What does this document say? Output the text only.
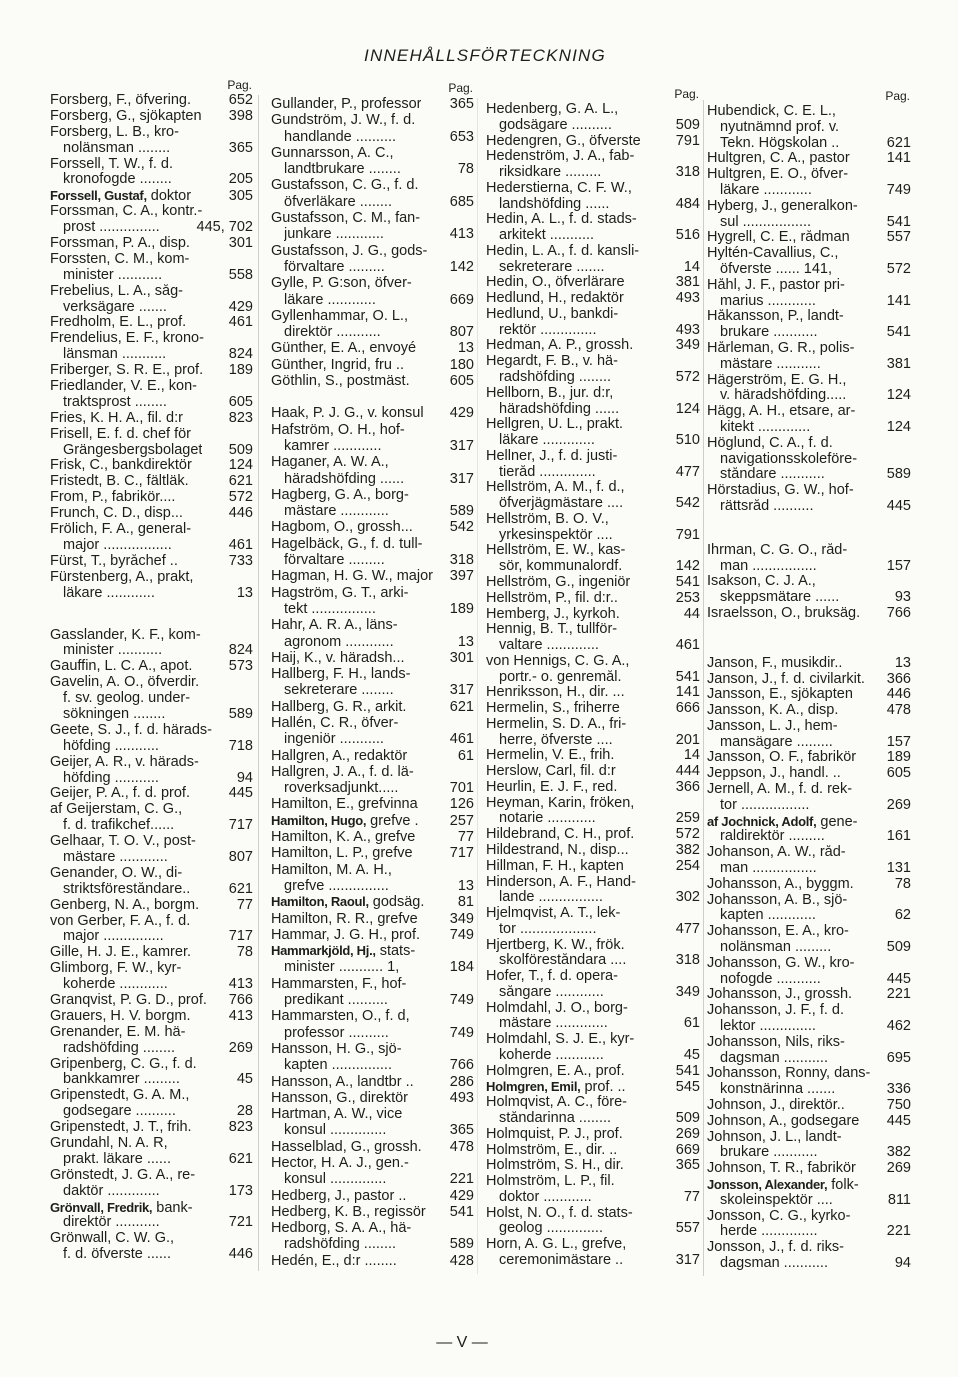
INNEHÅLLSFÖRTECKNING
Pag.
Forsberg, F., öfvering.	652
Forsberg, G., sjökapten 398
Forsberg, L. B., kro-
nolänsman ........	365
Forssell, T. W., f. d.
kronofogde ........	205
Forssell, Gustaf, doktor	305
Forssman, C. A., kontr.-
prost ...............	445, 702
Forssman, P. A., disp.	301
Forssten, C. M., kom-
minister ...........	558
Frebelius, L. A., såg-
verksägare .......	429
Fredholm, E. L., prof.	461
Frendelius, E. F., krono-
länsman ...........	824
Friberger, S. R. E., prof. 189
Friedlander, V. E., kon-
traktsprost ........	605
Fries, K. H. A., fil. d:r	823
Frisell, E. f. d. chef för
Grängesbergsbolaget 509
Frisk, C., bankdirektör	124
Fristedt, B. C., fältläk.	621
From, P., fabrikör....	572
Frunch, C. D., disp...	446
Frölich, F. A., general-
major .................	461
Fürst, T., byråchef ..	733
Fürstenberg, A., prakt,
läkare ............	13
Gasslander, K. F., kom-
minister ...........	824
Gauffin, L. C. A., apot.	573
Gavelin, A. O., öfverdir.
f. sv. geolog. under-
sökningen ........	589
Geete, S. J., f. d. härads-
höfding ...........	718
Geijer, A. R., v. härads-
höfding ...........	94
Geijer, P. A., f. d. prof.	445
af Geijerstam, C. G.,
f. d. trafikchef......	717
Gelhaar, T. O. V., post-
mästare ............	807
Genander, O. W., di-
striktsföreståndare..	621
Genberg, N. A., borgm.	77
von Gerber, F. A., f. d.
major ...............	717
Gille, H. J. E., kamrer.	78
Glimborg, F. W., kyr-
koherde ............	413
Granqvist, P. G. D., prof. 766
Grauers, H. V. borgm.	413
Grenander, E. M. hä-
radshöfding ........	269
Gripenberg, C. G., f. d.
bankkamrer .........	45
Gripenstedt, G. A. M.,
godsegare ..........	28
Gripenstedt, J. T., frih.	823
Grundahl, N. A. R,
prakt. läkare ......	621
Grönstedt, J. G. A., re-
daktör .............	173
Grönvall, Fredrik, bank-
direktör ...........	721
Grönwall, C. W. G.,
f. d. öfverste ......	446
Pag.
Gullander, P., professor 365
Gundström, J. W., f. d.
handlande ..........	653
Gunnarsson, A. C.,
landtbrukare ........	78
Gustafsson, C. G., f. d.
öfverläkare ........	685
Gustafsson, C. M., fan-
junkare ............	413
Gustafsson, J. G., gods-
förvaltare .........	142
Gylle, P. G:son, öfver-
läkare ............	669
Gyllenhammar, O. L.,
direktör ...........	807
Günther, E. A., envoyé	13
Günther, Ingrid, fru ..	180
Göthlin, S., postmäst.	605
Haak, P. J. G., v. konsul 429
Hafström, O. H., hof-
kamrer ............	317
Haganer, A. W. A.,
häradshöfding ......	317
Hagberg, G. A., borg-
mästare ............	589
Hagbom, O., grossh...	542
Hagelbäck, G., f. d. tull-
förvaltare .........	318
Hagman, H. G. W., major 397
Hagström, G. T., arki-
tekt ................	189
Hahr, A. R. A., läns-
agronom ............	13
Haij, K., v. häradsh...	301
Hallberg, F. H., lands-
sekreterare ........	317
Hallberg, G. R., arkit.	621
Hallén, C. R., öfver-
ingeniör ...........	461
Hallgren, A., redaktör	61
Hallgren, J. A., f. d. lä-
roverksadjunkt.....	701
Hamilton, E., grefvinna 126
Hamilton, Hugo, grefve . 257
Hamilton, K. A., grefve	77
Hamilton, L. P., grefve	717
Hamilton, M. A. H.,
grefve ...............	13
Hamilton, Raoul, godsäg. 81
Hamilton, R. R., grefve 349
Hammar, J. G. H., prof. 749
Hammarkjöld, Hj., stats-
minister ........... 1,	184
Hammarsten, F., hof-
predikant ..........	749
Hammarsten, O., f. d,
professor ..........	749
Hansson, H. G., sjö-
kapten ...............	766
Hansson, A., landtbr .. 286
Hansson, G., direktör	493
Hartman, A. W., vice
konsul ..............	365
Hasselblad, G., grossh. 478
Hector, H. A. J., gen.-
konsul ..............	221
Hedberg, J., pastor ..	429
Hedberg, K. B., regissör 541
Hedborg, S. A. A., hä-
radshöfding ........	589
Hedén, E., d:r ........	428
Pag.
Hedenberg, G. A. L.,
godsägare ..........	509
Hedengren, G., öfverste 791
Hedenström, J. A., fab-
riksidkare .........	318
Hederstierna, C. F. W.,
landshöfding ......	484
Hedin, A. L., f. d. stads-
arkitekt ...........	516
Hedin, L. A., f. d. kansli-
sekreterare .......	14
Hedin, O., öfverlärare	381
Hedlund, H., redaktör	493
Hedlund, U., bankdi-
rektör ..............	493
Hedman, A. P., grossh.	349
Hegardt, F. B., v. hä-
radshöfding ........	572
Hellborn, B., jur. d:r,
häradshöfding ......	124
Hellgren, U. L., prakt.
läkare .............	510
Hellner, J., f. d. justi-
tieråd ..............	477
Hellström, A. M., f. d.,
öfverjägmästare ....	542
Hellström, B. O. V.,
yrkesinspektör ....	791
Hellström, E. W., kas-
sör, kommunalordf.	142
Hellström, G., ingeniör	541
Hellström, P., fil. d:r..	253
Hemberg, J., kyrkoh.	44
Hennig, B. T., tullför-
valtare .............	461
von Hennigs, C. G. A.,
portr.- o. genremål.	541
Henriksson, H., dir. ...	141
Hermelin, S., friherre	666
Hermelin, S. D. A., fri-
herre, öfverste ....	201
Hermelin, V. E., frih.	14
Herslow, Carl, fil. d:r	444
Heurlin, E. J. F., red.	366
Heyman, Karin, fröken,
notarie ............	259
Hildebrand, C. H., prof.	572
Hildestrand, N., disp...	382
Hillman, F. H., kapten	254
Hinderson, A. F., Hand-
lande ................	302
Hjelmqvist, A. T., lek-
tor ...................	477
Hjertberg, K. W., frök.
skolföreståndara ....	318
Hofer, T., f. d. opera-
sångare ............	349
Holmdahl, J. O., borg-
mästare .............	61
Holmdahl, S. J. E., kyr-
koherde ............	45
Holmgren, E. A., prof.	541
Holmgren, Emil, prof. ..	545
Holmqvist, A. C., före-
ståndarinna ........	509
Holmquist, P. J., prof.	269
Holmström, E., dir. ..	669
Holmström, S. H., dir.	365
Holmström, L. P., fil.
doktor ............	77
Holst, N. O., f. d. stats-
geolog ..............	557
Horn, A. G. L., grefve,
ceremonimästare ..	317
Pag.
Hubendick, C. E. L.,
nyutnämnd prof. v.
Tekn. Högskolan ..	621
Hultgren, C. A., pastor	141
Hultgren, E. O., öfver-
läkare ............	749
Hyberg, J., generalkon-
sul .................	541
Hygrell, C. E., rådman	557
Hyltén-Cavallius, C.,
öfverste ...... 141,	572
Håhl, J. F., pastor pri-
marius ............	141
Håkansson, P., landt-
brukare ...........	541
Hårleman, G. R., polis-
mästare ...........	381
Hägerström, E. G. H.,
v. häradshöfding.....	124
Hägg, A. H., etsare, ar-
kitekt .............	124
Höglund, C. A., f. d.
navigationsskoleföre-
ståndare ...........	589
Hörstadius, G. W., hof-
rättsråd ..........	445
Ihrman, C. G. O., råd-
man ................	157
Isakson, C. J. A.,
skeppsmätare ......	93
Israelsson, O., bruksäg. 766
Janson, F., musikdir..	13
Janson, J., f. d. civilarkit. 366
Jansson, E., sjökapten 446
Jansson, K. A., disp.	478
Jansson, L. J., hem-
mansägare .........	157
Jansson, O. F., fabrikör 189
Jeppson, J., handl. ..	605
Jernell, A. M., f. d. rek-
tor .................	269
af Jochnick, Adolf, gene-
raldirektör .........	161
Johanson, A. W., råd-
man ................	131
Johansson, A., byggm.	78
Johansson, A. B., sjö-
kapten ............	62
Johansson, E. A., kro-
nolänsman .........	509
Johansson, G. W., kro-
nofogde ...........	445
Johansson, J., grossh. 221
Johansson, J. F., f. d.
lektor ..............	462
Johansson, Nils, riks-
dagsman ...........	695
Johansson, Ronny, dans-
konstnärinna .......	336
Johnson, J., direktör..	750
Johnson, A., godsegare 445
Johnson, J. L., landt-
brukare ...........	382
Johnson, T. R., fabrikör 269
Jonsson, Alexander, folk-
skoleinspektör ....	811
Jonsson, C. G., kyrko-
herde ..............	221
Jonsson, J., f. d. riks-
dagsman ...........	94
— V —
